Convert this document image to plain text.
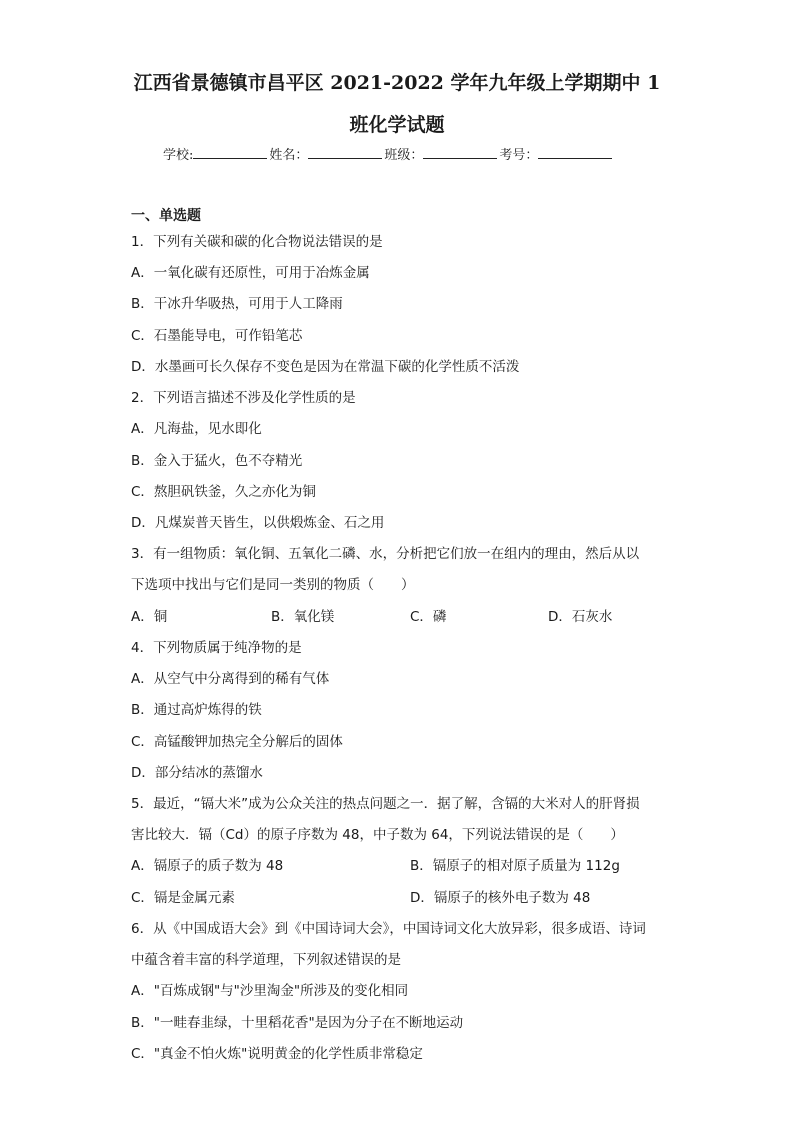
江西省景德镇市昌平区 2021-2022 学年九年级上学期期中 1
班化学试题
学校:	姓名：	班级：	考号：
一、单选题
1．下列有关碳和碳的化合物说法错误的是
A．一氧化碳有还原性，可用于冶炼金属
B．干冰升华吸热，可用于人工降雨
C．石墨能导电，可作铅笔芯
D．水墨画可长久保存不变色是因为在常温下碳的化学性质不活泼
2．下列语言描述不涉及化学性质的是
A．凡海盐，见水即化
B．金入于猛火，色不夺精光
C．熬胆矾铁釜，久之亦化为铜
D．凡煤炭普天皆生，以供煅炼金、石之用
3．有一组物质：氧化铜、五氧化二磷、水，分析把它们放一在组内的理由，然后从以
下选项中找出与它们是同一类别的物质（　　）
A．铜	B．氧化镁	C．磷	D．石灰水
4．下列物质属于纯净物的是
A．从空气中分离得到的稀有气体
B．通过高炉炼得的铁
C．高锰酸钾加热完全分解后的固体
D．部分结冰的蒸馏水
5．最近，“镉大米”成为公众关注的热点问题之一．据了解，含镉的大米对人的肝肾损
害比较大．镉（Cd）的原子序数为 48，中子数为 64，下列说法错误的是（　　）
A．镉原子的质子数为 48	B．镉原子的相对原子质量为 112g
C．镉是金属元素	D．镉原子的核外电子数为 48
6．从《中国成语大会》到《中国诗词大会》，中国诗词文化大放异彩，很多成语、诗词
中蕴含着丰富的科学道理，下列叙述错误的是
A．"百炼成钢"与"沙里淘金"所涉及的变化相同
B．"一畦春韭绿，十里稻花香"是因为分子在不断地运动
C．"真金不怕火炼"说明黄金的化学性质非常稳定
